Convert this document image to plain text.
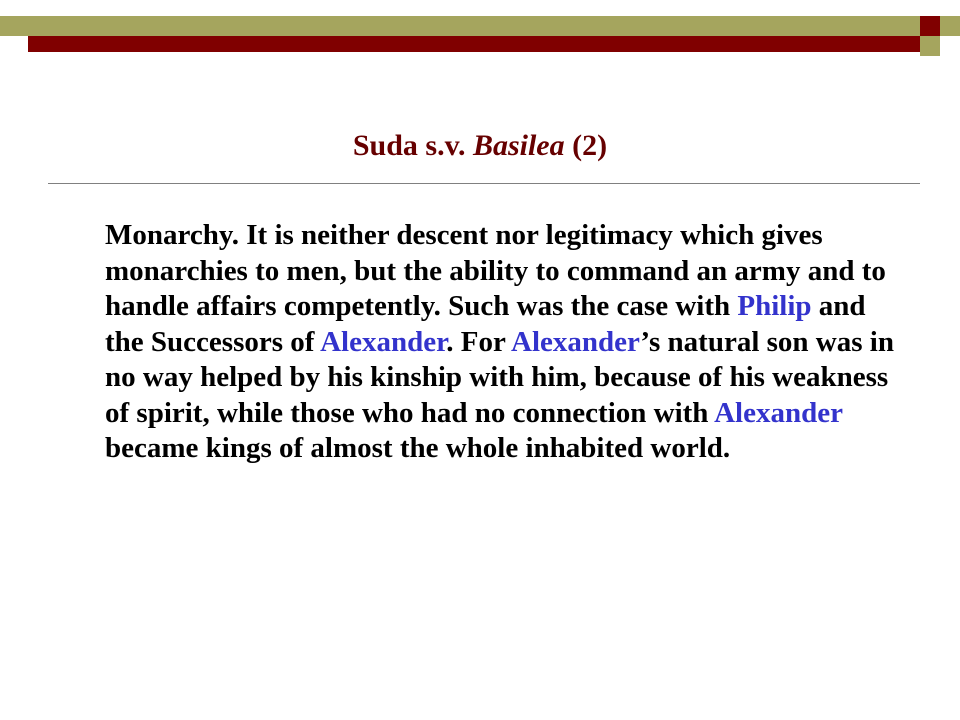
Suda s.v. Basilea (2)

Monarchy. It is neither descent nor legitimacy which gives monarchies to men, but the ability to command an army and to handle affairs competently. Such was the case with Philip and the Successors of Alexander. For Alexander’s natural son was in no way helped by his kinship with him, because of his weakness of spirit, while those who had no connection with Alexander became kings of almost the whole inhabited world.
